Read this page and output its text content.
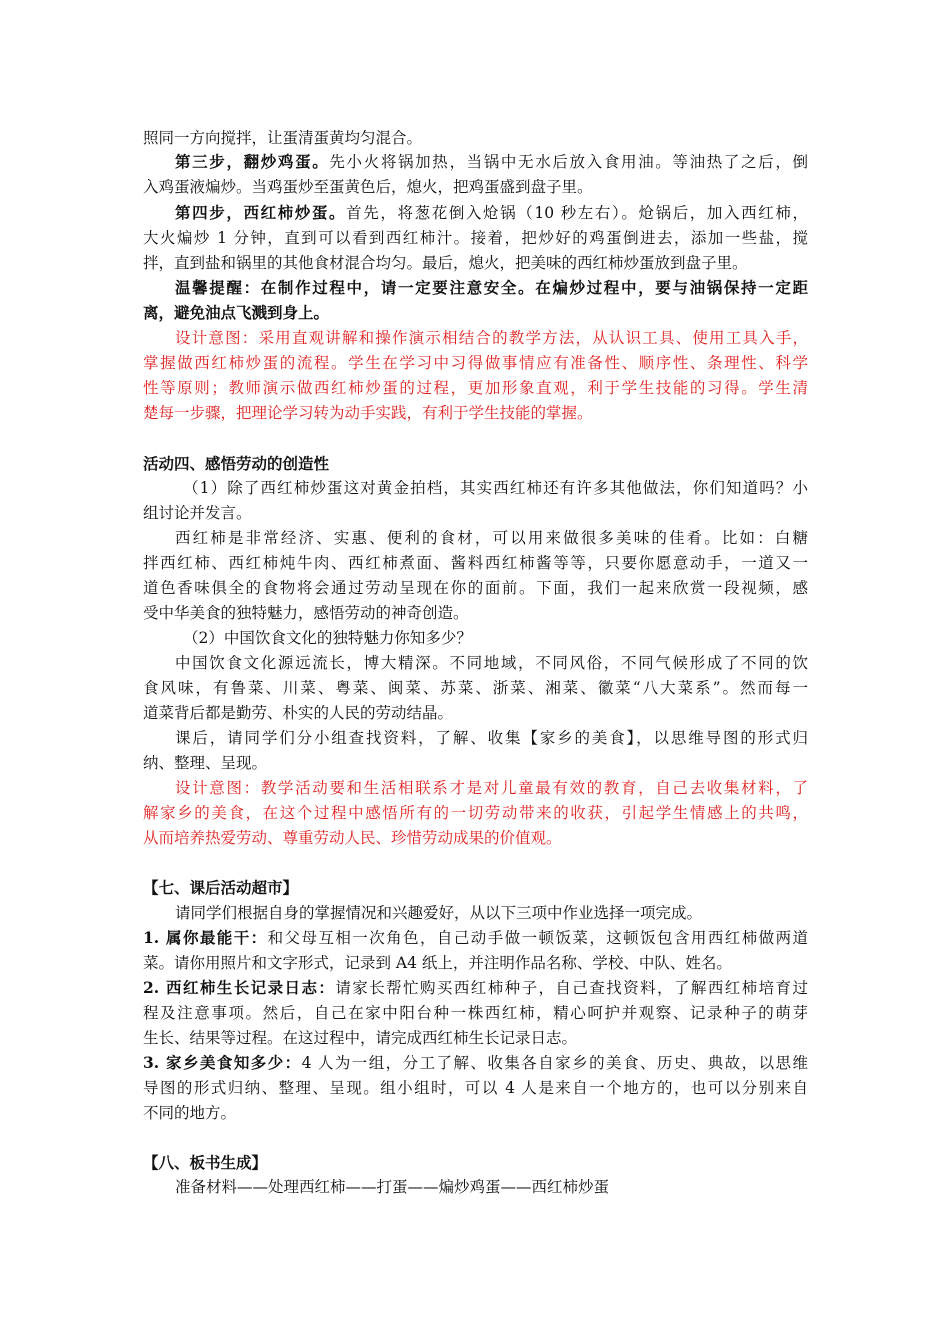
照同一方向搅拌，让蛋清蛋黄均匀混合。
第三步，翻炒鸡蛋。先小火将锅加热，当锅中无水后放入食用油。等油热了之后，倒
入鸡蛋液煸炒。当鸡蛋炒至蛋黄色后，熄火，把鸡蛋盛到盘子里。
第四步，西红柿炒蛋。首先，将葱花倒入炝锅（10 秒左右）。炝锅后，加入西红柿，
大火煸炒 1 分钟，直到可以看到西红柿汁。接着，把炒好的鸡蛋倒进去，添加一些盐，搅
拌，直到盐和锅里的其他食材混合均匀。最后，熄火，把美味的西红柿炒蛋放到盘子里。
温馨提醒：在制作过程中，请一定要注意安全。在煸炒过程中，要与油锅保持一定距
离，避免油点飞溅到身上。
设计意图：采用直观讲解和操作演示相结合的教学方法，从认识工具、使用工具入手，
掌握做西红柿炒蛋的流程。学生在学习中习得做事情应有准备性、顺序性、条理性、科学
性等原则；教师演示做西红柿炒蛋的过程，更加形象直观，利于学生技能的习得。学生清
楚每一步骤，把理论学习转为动手实践，有利于学生技能的掌握。
活动四、感悟劳动的创造性
（1）除了西红柿炒蛋这对黄金拍档，其实西红柿还有许多其他做法，你们知道吗？小
组讨论并发言。
西红柿是非常经济、实惠、便利的食材，可以用来做很多美味的佳肴。比如：白糖
拌西红柿、西红柿炖牛肉、西红柿煮面、酱料西红柿酱等等，只要你愿意动手，一道又一
道色香味俱全的食物将会通过劳动呈现在你的面前。下面，我们一起来欣赏一段视频，感
受中华美食的独特魅力，感悟劳动的神奇创造。
（2）中国饮食文化的独特魅力你知多少？
中国饮食文化源远流长，博大精深。不同地域，不同风俗，不同气候形成了不同的饮
食风味，有鲁菜、川菜、粤菜、闽菜、苏菜、浙菜、湘菜、徽菜“八大菜系”。然而每一
道菜背后都是勤劳、朴实的人民的劳动结晶。
课后，请同学们分小组查找资料，了解、收集【家乡的美食】，以思维导图的形式归
纳、整理、呈现。
设计意图：教学活动要和生活相联系才是对儿童最有效的教育，自己去收集材料，了
解家乡的美食，在这个过程中感悟所有的一切劳动带来的收获，引起学生情感上的共鸣，
从而培养热爱劳动、尊重劳动人民、珍惜劳动成果的价值观。
【七、课后活动超市】
请同学们根据自身的掌握情况和兴趣爱好，从以下三项中作业选择一项完成。
1. 属你最能干：和父母互相一次角色，自己动手做一顿饭菜，这顿饭包含用西红柿做两道
菜。请你用照片和文字形式，记录到 A4 纸上，并注明作品名称、学校、中队、姓名。
2. 西红柿生长记录日志：请家长帮忙购买西红柿种子，自己查找资料，了解西红柿培育过
程及注意事项。然后，自己在家中阳台种一株西红柿，精心呵护并观察、记录种子的萌芽
生长、结果等过程。在这过程中，请完成西红柿生长记录日志。
3. 家乡美食知多少：4 人为一组，分工了解、收集各自家乡的美食、历史、典故，以思维
导图的形式归纳、整理、呈现。组小组时，可以 4 人是来自一个地方的，也可以分别来自
不同的地方。
【八、板书生成】
准备材料——处理西红柿——打蛋——煸炒鸡蛋——西红柿炒蛋
